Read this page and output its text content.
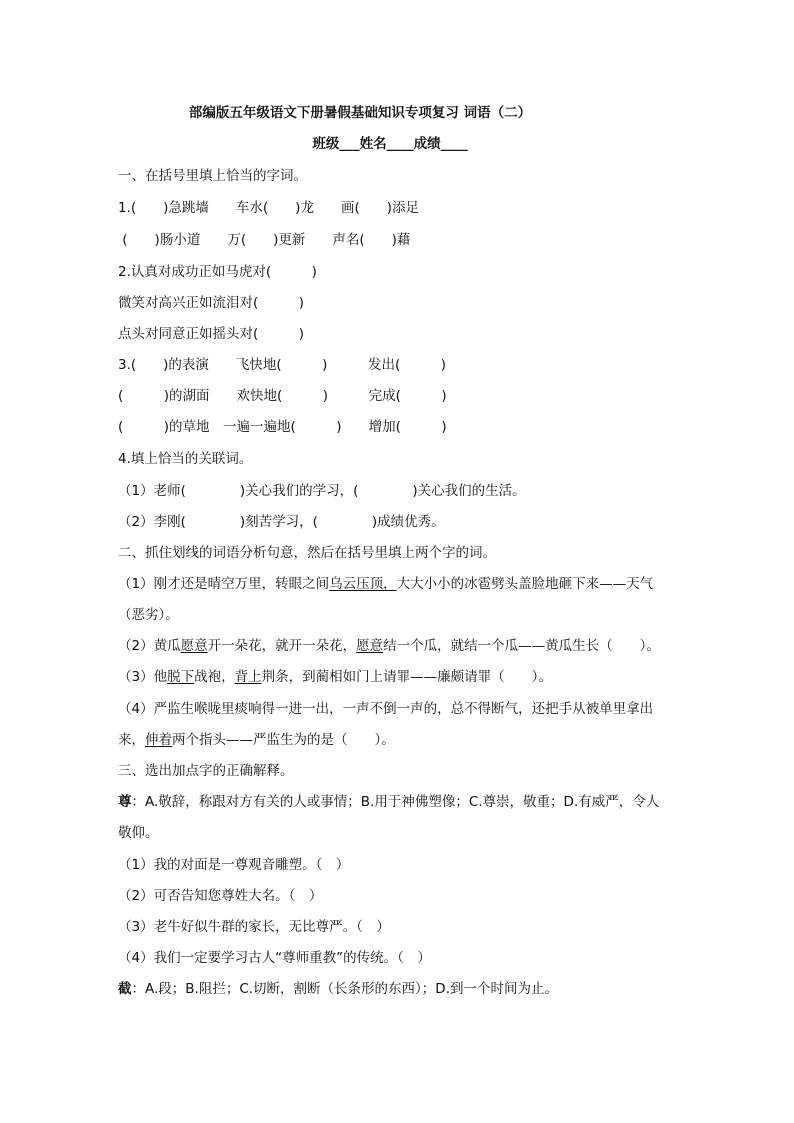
部编版五年级语文下册暑假基础知识专项复习 词语（二）
班级___姓名____成绩____
一、在括号里填上恰当的字词。
1.(　　)急跳墙　　车水(　　)龙　　画(　　)添足
(　　)肠小道　　万(　　)更新　　声名(　　)藉
2.认真对成功正如马虎对(　　　)
微笑对高兴正如流泪对(　　　)
点头对同意正如摇头对(　　　)
3.(　　)的表演　　飞快地(　　　)　　　发出(　　　)
(　　　)的湖面　　欢快地(　　　)　　　完成(　　　)
(　　　)的草地　一遍一遍地(　　　)　　增加(　　　)
4.填上恰当的关联词。
（1）老师(　　　　)关心我们的学习，(　　　　)关心我们的生活。
（2）李刚(　　　　)刻苦学习，(　　　　)成绩优秀。
二、抓住划线的词语分析句意，然后在括号里填上两个字的词。
（1）刚才还是晴空万里，转眼之间乌云压顶，大大小小的冰雹劈头盖脸地砸下来——天气
（恶劣）。
（2）黄瓜愿意开一朵花，就开一朵花，愿意结一个瓜，就结一个瓜——黄瓜生长（　　）。
（3）他脱下战袍，背上荆条，到蔺相如门上请罪——廉颇请罪（　　）。
（4）严监生喉咙里痰响得一进一出，一声不倒一声的，总不得断气，还把手从被单里拿出
来，伸着两个指头——严监生为的是（　　）。
三、选出加点字的正确解释。
尊：A.敬辞，称跟对方有关的人或事情；B.用于神佛塑像；C.尊崇，敬重；D.有威严，令人
敬仰。
（1）我的对面是一尊观音雕塑。（　）
（2）可否告知您尊姓大名。（　）
（3）老牛好似牛群的家长，无比尊严。（　）
（4）我们一定要学习古人“尊师重教”的传统。（　）
截：A.段；B.阻拦；C.切断，割断（长条形的东西）；D.到一个时间为止。
